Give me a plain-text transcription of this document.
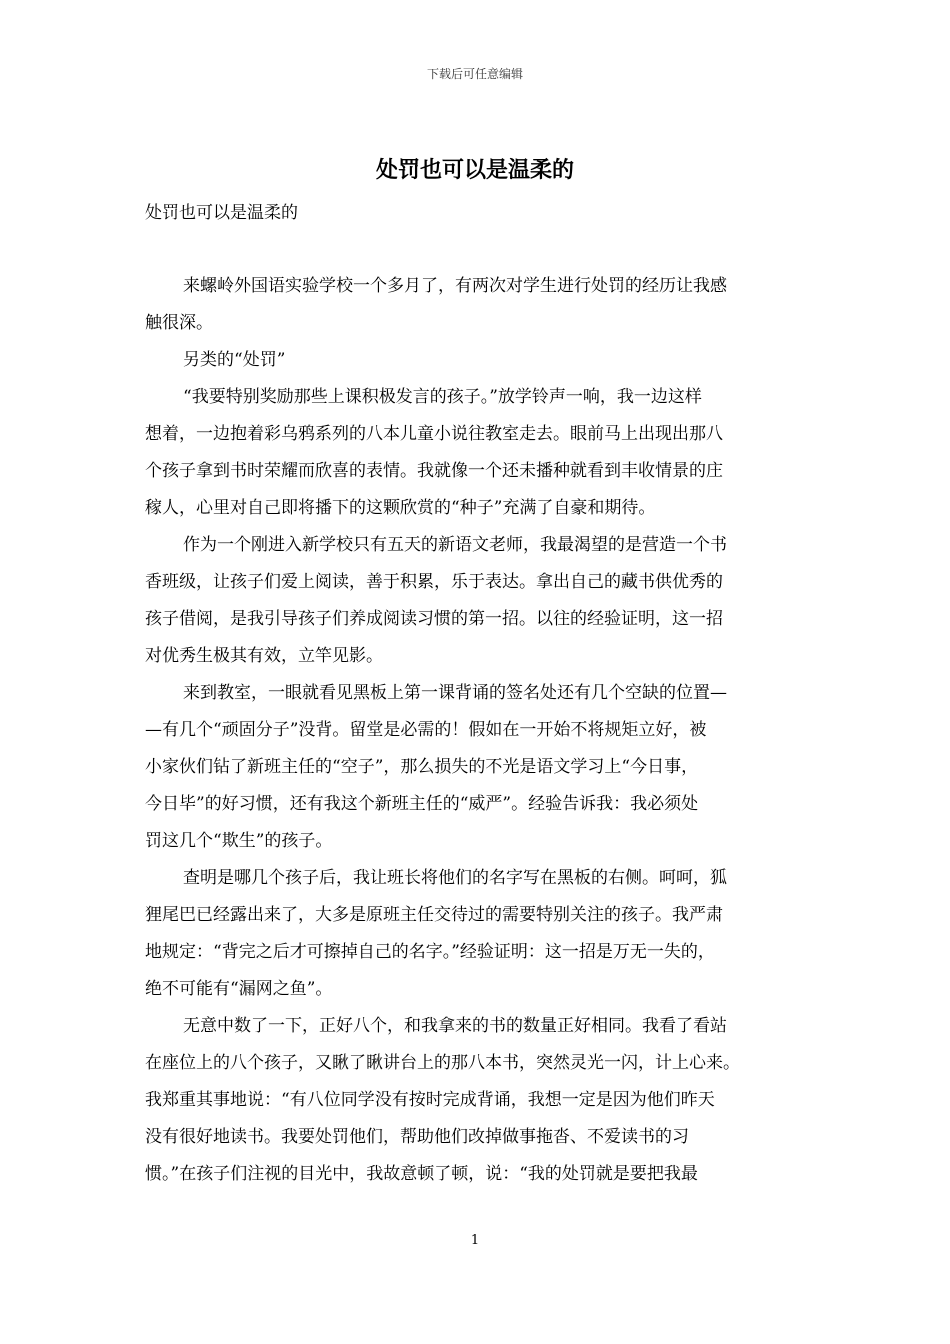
下载后可任意编辑
处罚也可以是温柔的

处罚也可以是温柔的

来螺岭外国语实验学校一个多月了，有两次对学生进行处罚的经历让我感
触很深。
另类的“处罚”
“我要特别奖励那些上课积极发言的孩子。”放学铃声一响，我一边这样
想着，一边抱着彩乌鸦系列的八本儿童小说往教室走去。眼前马上出现出那八
个孩子拿到书时荣耀而欣喜的表情。我就像一个还未播种就看到丰收情景的庄
稼人，心里对自己即将播下的这颗欣赏的“种子”充满了自豪和期待。
作为一个刚进入新学校只有五天的新语文老师，我最渴望的是营造一个书
香班级，让孩子们爱上阅读，善于积累，乐于表达。拿出自己的藏书供优秀的
孩子借阅，是我引导孩子们养成阅读习惯的第一招。以往的经验证明，这一招
对优秀生极其有效，立竿见影。
来到教室，一眼就看见黑板上第一课背诵的签名处还有几个空缺的位置—
—有几个“顽固分子”没背。留堂是必需的！假如在一开始不将规矩立好，被
小家伙们钻了新班主任的“空子”，那么损失的不光是语文学习上“今日事，
今日毕”的好习惯，还有我这个新班主任的“威严”。经验告诉我：我必须处
罚这几个“欺生”的孩子。
查明是哪几个孩子后，我让班长将他们的名字写在黑板的右侧。呵呵，狐
狸尾巴已经露出来了，大多是原班主任交待过的需要特别关注的孩子。我严肃
地规定：“背完之后才可擦掉自己的名字。”经验证明：这一招是万无一失的，
绝不可能有“漏网之鱼”。
无意中数了一下，正好八个，和我拿来的书的数量正好相同。我看了看站
在座位上的八个孩子，又瞅了瞅讲台上的那八本书，突然灵光一闪，计上心来。
我郑重其事地说：“有八位同学没有按时完成背诵，我想一定是因为他们昨天
没有很好地读书。我要处罚他们，帮助他们改掉做事拖沓、不爱读书的习
惯。”在孩子们注视的目光中，我故意顿了顿，说：“我的处罚就是要把我最
1
